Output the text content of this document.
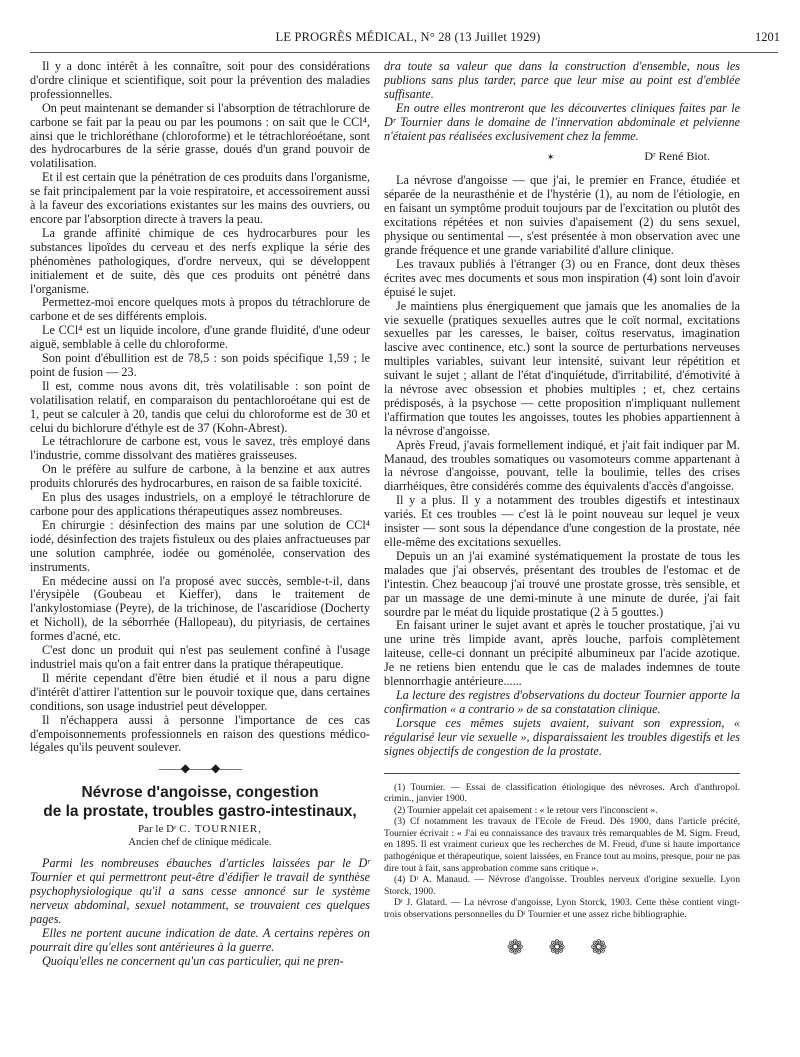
LE PROGRÈS MÉDICAL, N° 28 (13 Juillet 1929)	1201

Il y a donc intérêt à les connaître, soit pour des considérations d'ordre clinique et scientifique, soit pour la prévention des maladies professionnelles.

On peut maintenant se demander si l'absorption de tétrachlorure de carbone se fait par la peau ou par les poumons : on sait que le CCl⁴, ainsi que le trichloréthane (chloroforme) et le tétrachloréoétane, sont des hydrocarbures de la série grasse, doués d'un grand pouvoir de volatilisation.

Et il est certain que la pénétration de ces produits dans l'organisme, se fait principalement par la voie respiratoire, et accessoirement aussi à la faveur des excoriations existantes sur les mains des ouvriers, ou encore par l'absorption directe à travers la peau.

La grande affinité chimique de ces hydrocarbures pour les substances lipoïdes du cerveau et des nerfs explique la série des phénomènes pathologiques, d'ordre nerveux, qui se développent initialement et de suite, dès que ces produits ont pénétré dans l'organisme.

Permettez-moi encore quelques mots à propos du tétrachlorure de carbone et de ses différents emplois.

Le CCl⁴ est un liquide incolore, d'une grande fluidité, d'une odeur aiguë, semblable à celle du chloroforme.

Son point d'ébullition est de 78,5 : son poids spécifique 1,59 ; le point de fusion — 23.

Il est, comme nous avons dit, très volatilisable : son point de volatilisation relatif, en comparaison du pentachloroétane qui est de 1, peut se calculer à 20, tandis que celui du chloroforme est de 30 et celui du bichlorure d'éthyle est de 37 (Kohn-Abrest).

Le tétrachlorure de carbone est, vous le savez, très employé dans l'industrie, comme dissolvant des matières graisseuses.

On le préfère au sulfure de carbone, à la benzine et aux autres produits chlorurés des hydrocarbures, en raison de sa faible toxicité.

En plus des usages industriels, on a employé le tétrachlorure de carbone pour des applications thérapeutiques assez nombreuses.

En chirurgie : désinfection des mains par une solution de CCl⁴ iodé, désinfection des trajets fistuleux ou des plaies anfractueuses par une solution camphrée, iodée ou goménolée, conservation des instruments.

En médecine aussi on l'a proposé avec succès, semble-t-il, dans l'érysipèle (Goubeau et Kieffer), dans le traitement de l'ankylostomiase (Peyre), de la trichinose, de l'ascaridiose (Docherty et Nicholl), de la séborrhée (Hallopeau), du pityriasis, de certaines formes d'acné, etc.

C'est donc un produit qui n'est pas seulement confiné à l'usage industriel mais qu'on a fait entrer dans la pratique thérapeutique.

Il mérite cependant d'être bien étudié et il nous a paru digne d'intérêt d'attirer l'attention sur le pouvoir toxique que, dans certaines conditions, son usage industriel peut développer.

Il n'échappera aussi à personne l'importance de ces cas d'empoisonnements professionnels en raison des questions médico-légales qu'ils peuvent soulever.

——◆——◆——
Névrose d'angoisse, congestion
de la prostate, troubles gastro-intestinaux,
Par le Dʳ C. TOURNIER,
Ancien chef de clinique médicale.

Parmi les nombreuses ébauches d'articles laissées par le Dʳ Tournier et qui permettront peut-être d'édifier le travail de synthèse psychophysiologique qu'il a sans cesse annoncé sur le système nerveux abdominal, sexuel notamment, se trouvaient ces quelques pages.

Elles ne portent aucune indication de date. A certains repères on pourrait dire qu'elles sont antérieures à la guerre.

Quoiqu'elles ne concernent qu'un cas particulier, qui ne pren-

dra toute sa valeur que dans la construction d'ensemble, nous les publions sans plus tarder, parce que leur mise au point est d'emblée suffisante.

En outre elles montreront que les découvertes cliniques faites par le Dʳ Tournier dans le domaine de l'innervation abdominale et pelvienne n'étaient pas réalisées exclusivement chez la femme.

✶ Dʳ René Biot.

La névrose d'angoisse — que j'ai, le premier en France, étudiée et séparée de la neurasthénie et de l'hystérie (1), au nom de l'étiologie, en en faisant un symptôme produit toujours par de l'excitation ou plutôt des excitations répétées et non suivies d'apaisement (2) du sens sexuel, physique ou sentimental —, s'est présentée à mon observation avec une grande fréquence et une grande variabilité d'allure clinique.

Les travaux publiés à l'étranger (3) ou en France, dont deux thèses écrites avec mes documents et sous mon inspiration (4) sont loin d'avoir épuisé le sujet.

Je maintiens plus énergiquement que jamais que les anomalies de la vie sexuelle (pratiques sexuelles autres que le coït normal, excitations sexuelles par les caresses, le baiser, coïtus reservatus, imagination lascive avec continence, etc.) sont la source de perturbations nerveuses multiples variables, suivant leur intensité, suivant leur répétition et suivant le sujet ; allant de l'état d'inquiétude, d'irritabilité, d'émotivité à la névrose avec obsession et phobies multiples ; et, chez certains prédisposés, à la psychose — cette proposition n'impliquant nullement l'affirmation que toutes les angoisses, toutes les phobies appartiennent à la névrose d'angoisse.

Après Freud, j'avais formellement indiqué, et j'ait fait indiquer par M. Manaud, des troubles somatiques ou vasomoteurs comme appartenant à la névrose d'angoisse, pouvant, telle la boulimie, telles des crises diarrhéiques, être considérés comme des équivalents d'accès d'angoisse.

Il y a plus. Il y a notamment des troubles digestifs et intestinaux variés. Et ces troubles — c'est là le point nouveau sur lequel je veux insister — sont sous la dépendance d'une congestion de la prostate, née elle-même des excitations sexuelles.

Depuis un an j'ai examiné systématiquement la prostate de tous les malades que j'ai observés, présentant des troubles de l'estomac et de l'intestin. Chez beaucoup j'ai trouvé une prostate grosse, très sensible, et par un massage de une demi-minute à une minute de durée, j'ai fait sourdre par le méat du liquide prostatique (2 à 5 gouttes.)

En faisant uriner le sujet avant et après le toucher prostatique, j'ai vu une urine très limpide avant, après louche, parfois complètement laiteuse, celle-ci donnant un précipité albumineux par l'acide azotique. Je ne retiens bien entendu que le cas de malades indemnes de toute blennorrhagie antérieure......

La lecture des registres d'observations du docteur Tournier apporte la confirmation « a contrario » de sa constatation clinique.

Lorsque ces mêmes sujets avaient, suivant son expression, « régularisé leur vie sexuelle », disparaissaient les troubles digestifs et les signes objectifs de congestion de la prostate.

(1) Tournier. — Essai de classification étiologique des névroses. Arch d'anthropol. crimin., janvier 1900.

(2) Tournier appelait cet apaisement : « le retour vers l'inconscient ».

(3) Cf notamment les travaux de l'Ecole de Freud. Dès 1900, dans l'article précité, Tournier écrivait : « J'ai eu connaissance des travaux très remarquables de M. Sigm. Freud, en 1895. Il est vraiment curieux que les recherches de M. Freud, d'une si haute importance pathogénique et thérapeutique, soient laissées, en France tout au moins, presque, pour ne pas dire tout à fait, sans approbation comme sans critique ».

(4) Dʳ A. Manaud. — Névrose d'angoisse. Troubles nerveux d'origine sexuelle. Lyon Storck, 1900.

Dʳ J. Glatard. — La névrose d'angoisse, Lyon Storck, 1903. Cette thèse contient vingt-trois observations personnelles du Dʳ Tournier et une assez riche bibliographie.

❁ ❁ ❁
